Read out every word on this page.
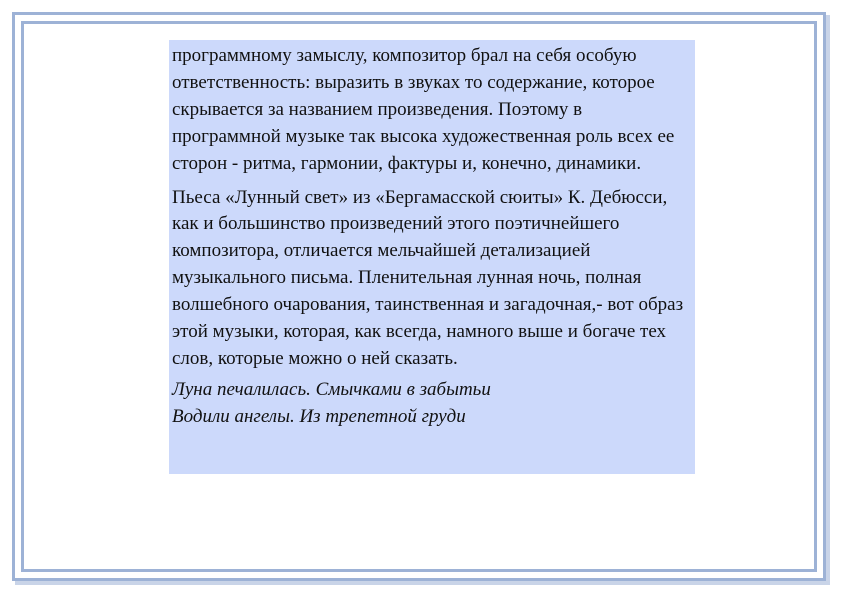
программному замыслу, композитор брал на себя особую ответственность: выразить в звуках то содержание, которое скрывается за названием произведения. Поэтому в программной музыке так высока художественная роль всех ее сторон - ритма, гармонии, фактуры и, конечно, динамики.

Пьеса «Лунный свет» из «Бергамасской сюиты» К. Дебюсси, как и большинство произведений этого поэтичнейшего композитора, отличается мельчайшей детализацией музыкального письма. Пленительная лунная ночь, полная волшебного очарования, таинственная и загадочная,- вот образ этой музыки, которая, как всегда, намного выше и богаче тех слов, которые можно о ней сказать.

Луна печалилась. Смычками в забытьи
Водили ангелы. Из трепетной груди
